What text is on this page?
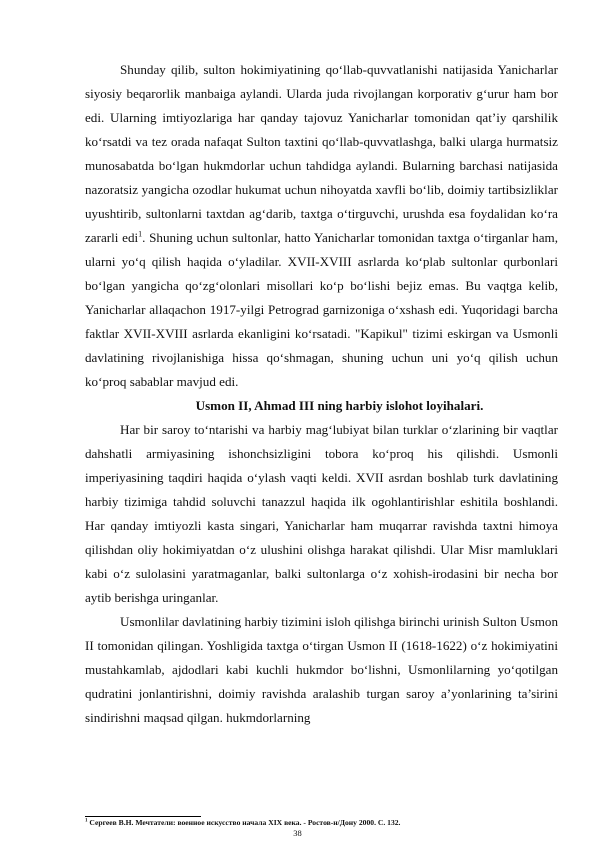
Shunday qilib, sulton hokimiyatining qo‘llab-quvvatlanishi natijasida Yanicharlar siyosiy beqarorlik manbaiga aylandi. Ularda juda rivojlangan korporativ g‘urur ham bor edi. Ularning imtiyozlariga har qanday tajovuz Yanicharlar tomonidan qat’iy qarshilik ko‘rsatdi va tez orada nafaqat Sulton taxtini qo‘llab-quvvatlashga, balki ularga hurmatsiz munosabatda bo‘lgan hukmdorlar uchun tahdidga aylandi. Bularning barchasi natijasida nazoratsiz yangicha ozodlar hukumat uchun nihoyatda xavfli bo‘lib, doimiy tartibsizliklar uyushtirib, sultonlarni taxtdan ag‘darib, taxtga o‘tirguvchi, urushda esa foydalidan ko‘ra zararli edi$^1$. Shuning uchun sultonlar, hatto Yanicharlar tomonidan taxtga o‘tirganlar ham, ularni yo‘q qilish haqida o‘yladilar. XVII-XVIII asrlarda ko‘plab sultonlar qurbonlari bo‘lgan yangicha qo‘zg‘olonlari misollari ko‘p bo‘lishi bejiz emas. Bu vaqtga kelib, Yanicharlar allaqachon 1917-yilgi Petrograd garnizoniga o‘xshash edi. Yuqoridagi barcha faktlar XVII-XVIII asrlarda ekanligini ko‘rsatadi. "Kapikul" tizimi eskirgan va Usmonli davlatining rivojlanishiga hissa qo‘shmagan, shuning uchun uni yo‘q qilish uchun ko‘proq sabablar mavjud edi.

Usmon II, Ahmad III ning harbiy islohot loyihalari.

Har bir saroy to‘ntarishi va harbiy mag‘lubiyat bilan turklar o‘zlarining bir vaqtlar dahshatli armiyasining ishonchsizligini tobora ko‘proq his qilishdi. Usmonli imperiyasining taqdiri haqida o‘ylash vaqti keldi. XVII asrdan boshlab turk davlatining harbiy tizimiga tahdid soluvchi tanazzul haqida ilk ogohlantirishlar eshitila boshlandi. Har qanday imtiyozli kasta singari, Yanicharlar ham muqarrar ravishda taxtni himoya qilishdan oliy hokimiyatdan o‘z ulushini olishga harakat qilishdi. Ular Misr mamluklari kabi o‘z sulolasini yaratmaganlar, balki sultonlarga o‘z xohish-irodasini bir necha bor aytib berishga uringanlar.

Usmonlilar davlatining harbiy tizimini isloh qilishga birinchi urinish Sulton Usmon II tomonidan qilingan. Yoshligida taxtga o‘tirgan Usmon II (1618-1622) o‘z hokimiyatini mustahkamlab, ajdodlari kabi kuchli hukmdor bo‘lishni, Usmonlilarning yo‘qotilgan qudratini jonlantirishni, doimiy ravishda aralashib turgan saroy a’yonlarining ta’sirini sindirishni maqsad qilgan. hukmdorlarning

$^1$ Сергеев В.Н. Мечтатели: военное искусство начала XIX века. - Ростов-н/Дону 2000. С. 132.
38
